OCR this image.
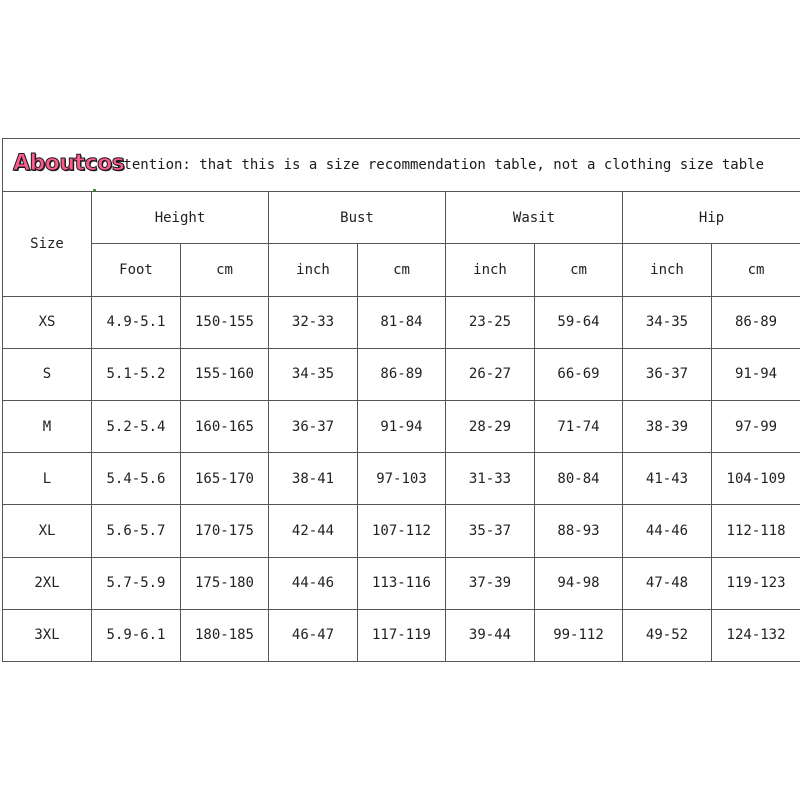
Aboutcos
ttention: that this is a size recommendation table, not a clothing size table								

Size	Height		Bust		Wasit		Hip	
	Foot	cm	inch	cm	inch	cm	inch	cm
XS	4.9-5.1	150-155	32-33	81-84	23-25	59-64	34-35	86-89
S	5.1-5.2	155-160	34-35	86-89	26-27	66-69	36-37	91-94
M	5.2-5.4	160-165	36-37	91-94	28-29	71-74	38-39	97-99
L	5.4-5.6	165-170	38-41	97-103	31-33	80-84	41-43	104-109
XL	5.6-5.7	170-175	42-44	107-112	35-37	88-93	44-46	112-118
2XL	5.7-5.9	175-180	44-46	113-116	37-39	94-98	47-48	119-123
3XL	5.9-6.1	180-185	46-47	117-119	39-44	99-112	49-52	124-132
